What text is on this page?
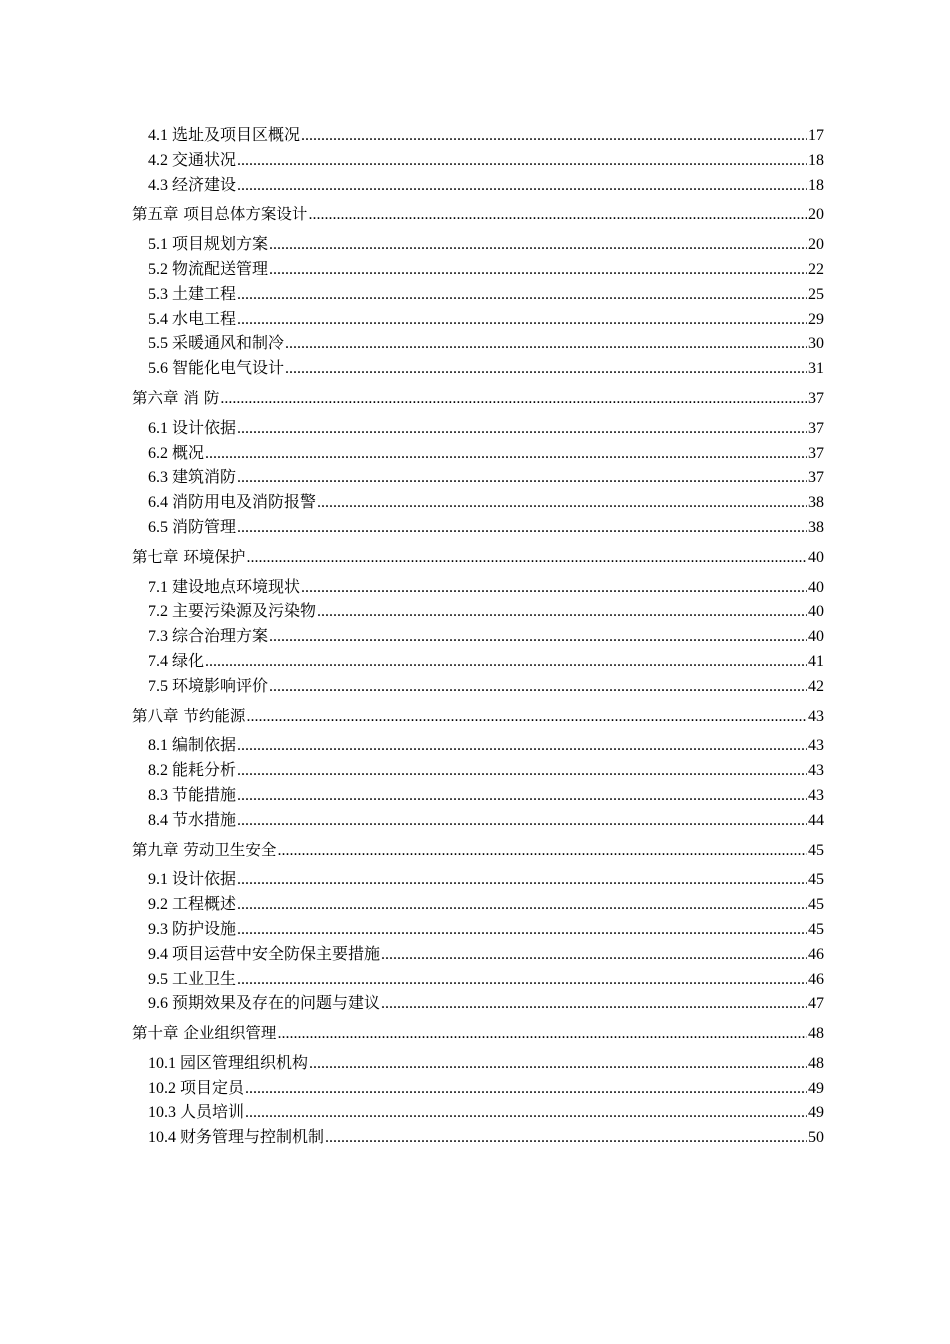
4.1 选址及项目区概况 .....	17
4.2 交通状况 .....	18
4.3 经济建设 .....	18
第五章 项目总体方案设计 .....	20
5.1 项目规划方案 .....	20
5.2 物流配送管理 .....	22
5.3 土建工程 .....	25
5.4 水电工程 .....	29
5.5 采暖通风和制冷 .....	30
5.6 智能化电气设计 .....	31
第六章 消 防 .....	37
6.1 设计依据 .....	37
6.2 概况 .....	37
6.3 建筑消防 .....	37
6.4 消防用电及消防报警 .....	38
6.5 消防管理 .....	38
第七章 环境保护 .....	40
7.1 建设地点环境现状 .....	40
7.2 主要污染源及污染物 .....	40
7.3 综合治理方案 .....	40
7.4 绿化 .....	41
7.5 环境影响评价 .....	42
第八章 节约能源 .....	43
8.1 编制依据 .....	43
8.2 能耗分析 .....	43
8.3 节能措施 .....	43
8.4 节水措施 .....	44
第九章 劳动卫生安全 .....	45
9.1 设计依据 .....	45
9.2 工程概述 .....	45
9.3 防护设施 .....	45
9.4 项目运营中安全防保主要措施 .....	46
9.5 工业卫生 .....	46
9.6 预期效果及存在的问题与建议 .....	47
第十章 企业组织管理 .....	48
10.1 园区管理组织机构 .....	48
10.2 项目定员 .....	49
10.3 人员培训 .....	49
10.4 财务管理与控制机制 .....	50
